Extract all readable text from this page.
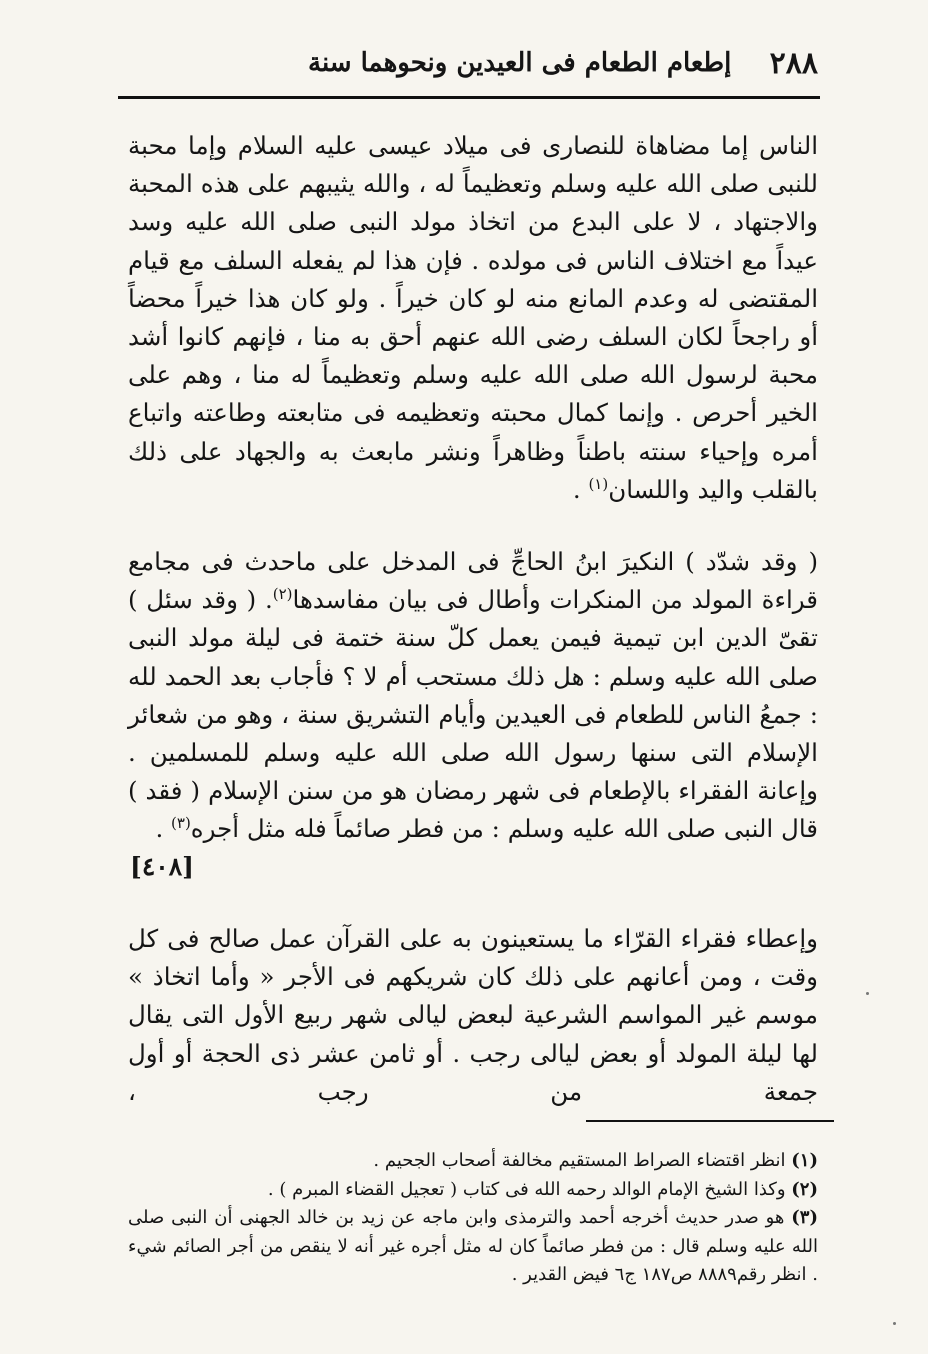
٢٨٨
إطعام الطعام فى العيدين ونحوهما سنة

الناس إما مضاهاة للنصارى فى ميلاد عيسى عليه السلام وإما محبة للنبى صلى الله عليه وسلم وتعظيماً له ، والله يثيبهم على هذه المحبة والاجتهاد ، لا على البدع من اتخاذ مولد النبى صلى الله عليه وسد عيداً مع اختلاف الناس فى مولده . فإن هذا لم يفعله السلف مع قيام المقتضى له وعدم المانع منه لو كان خيراً . ولو كان هذا خيراً محضاً أو راجحاً لكان السلف رضى الله عنهم أحق به منا ، فإنهم كانوا أشد محبة لرسول الله صلى الله عليه وسلم وتعظيماً له منا ، وهم على الخير أحرص . وإنما كمال محبته وتعظيمه فى متابعته وطاعته واتباع أمره وإحياء سنته باطناً وظاهراً ونشر مابعث به والجهاد على ذلك بالقلب واليد واللسان$^{(١)}$ .

( وقد شدّد ) النكيرَ ابنُ الحاجِّ فى المدخل على ماحدث فى مجامع قراءة المولد من المنكرات وأطال فى بيان مفاسدها$^{(٢)}$. ( وقد سئل ) تقىّ الدين ابن تيمية فيمن يعمل كلّ سنة ختمة فى ليلة مولد النبى صلى الله عليه وسلم : هل ذلك مستحب أم لا ؟ فأجاب بعد الحمد لله : جمعُ الناس للطعام فى العيدين وأيام التشريق سنة ، وهو من شعائر الإسلام التى سنها رسول الله صلى الله عليه وسلم للمسلمين . وإعانة الفقراء بالإطعام فى شهر رمضان هو من سنن الإسلام ( فقد ) قال النبى صلى الله عليه وسلم : من فطر صائماً فله مثل أجره$^{(٣)}$ .

[٤٠٨]

وإعطاء فقراء القرّاء ما يستعينون به على القرآن عمل صالح فى كل وقت ، ومن أعانهم على ذلك كان شريكهم فى الأجر « وأما اتخاذ » موسم غير المواسم الشرعية لبعض ليالى شهر ربيع الأول التى يقال لها ليلة المولد أو بعض ليالى رجب . أو ثامن عشر ذى الحجة أو أول جمعة من رجب ،

(١) انظر اقتضاء الصراط المستقيم مخالفة أصحاب الجحيم .

(٢) وكذا الشيخ الإمام الوالد رحمه الله فى كتاب ( تعجيل القضاء المبرم ) .

(٣) هو صدر حديث أخرجه أحمد والترمذى وابن ماجه عن زيد بن خالد الجهنى أن النبى صلى الله عليه وسلم قال : من فطر صائماً كان له مثل أجره غير أنه لا ينقص من أجر الصائم شيء . انظر رقم٨٨٨٩ ص١٨٧ ج٦ فيض القدير .
